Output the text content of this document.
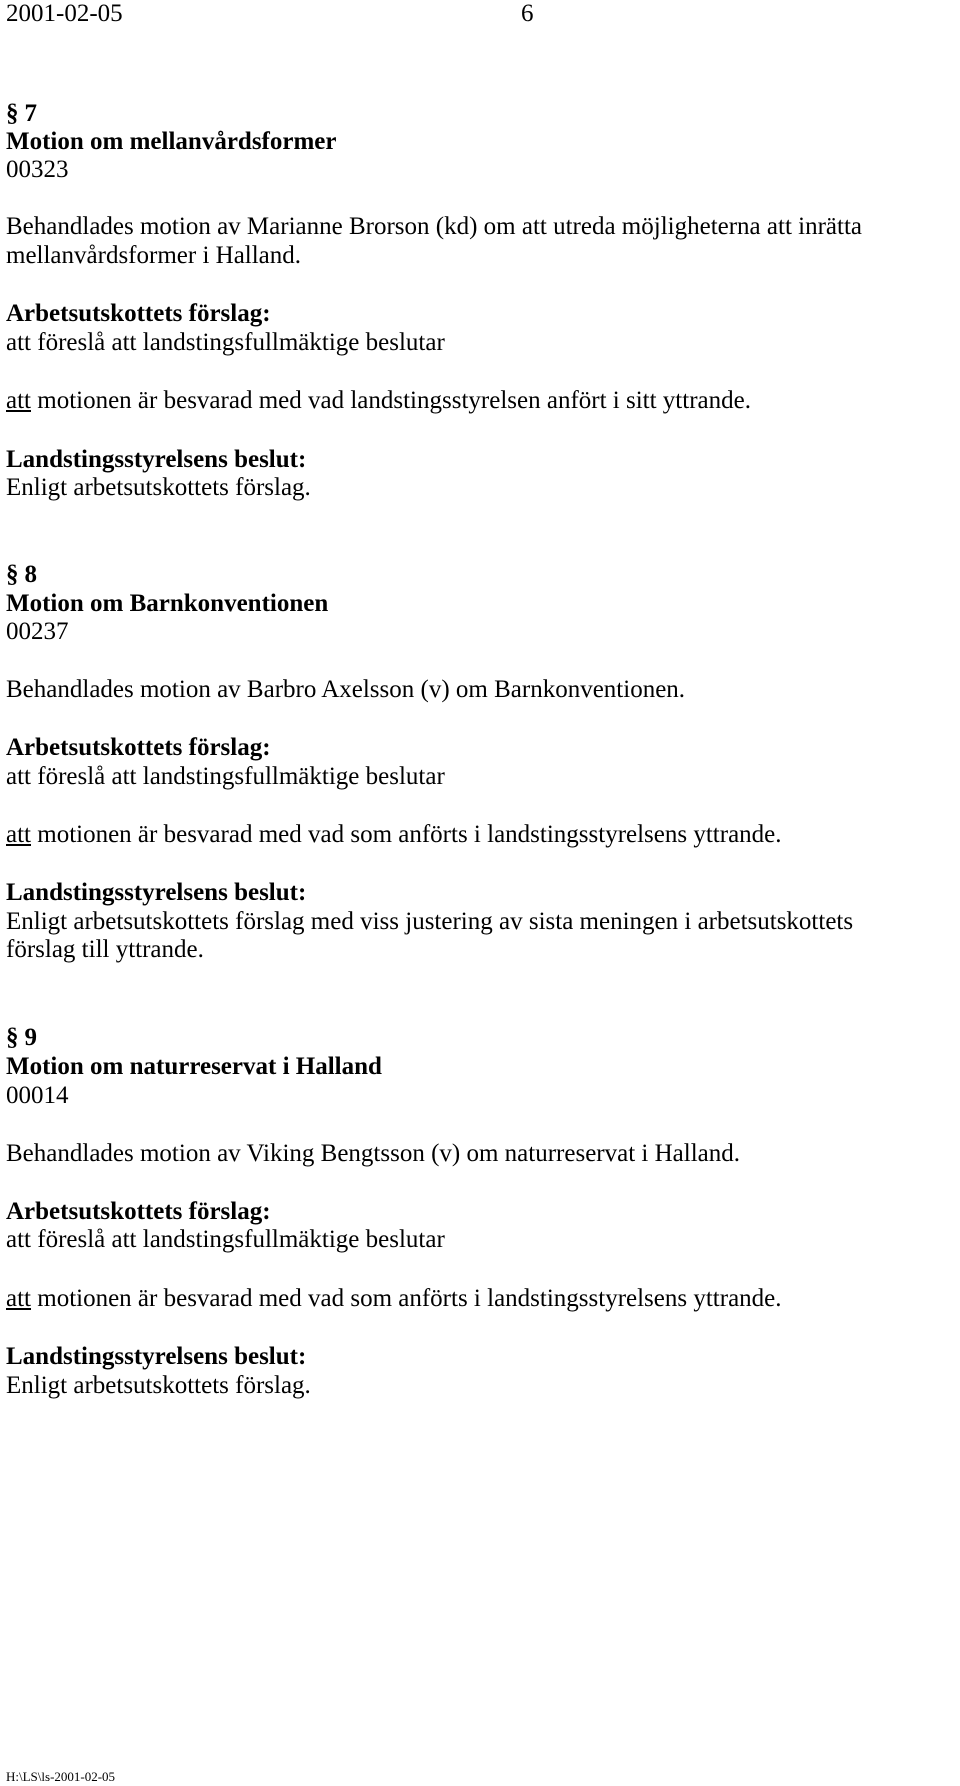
2001-02-05	6
§ 7
Motion om mellanvårdsformer
00323
Behandlades motion av Marianne Brorson (kd) om att utreda möjligheterna att inrätta
mellanvårdsformer i Halland.
Arbetsutskottets förslag:
att föreslå att landstingsfullmäktige beslutar
att motionen är besvarad med vad landstingsstyrelsen anfört i sitt yttrande.
Landstingsstyrelsens beslut:
Enligt arbetsutskottets förslag.
§ 8
Motion om Barnkonventionen
00237
Behandlades motion av Barbro Axelsson (v) om Barnkonventionen.
Arbetsutskottets förslag:
att föreslå att landstingsfullmäktige beslutar
att motionen är besvarad med vad som anförts i landstingsstyrelsens yttrande.
Landstingsstyrelsens beslut:
Enligt arbetsutskottets förslag med viss justering av sista meningen i arbetsutskottets
förslag till yttrande.
§ 9
Motion om naturreservat i Halland
00014
Behandlades motion av Viking Bengtsson (v) om naturreservat i Halland.
Arbetsutskottets förslag:
att föreslå att landstingsfullmäktige beslutar
att motionen är besvarad med vad som anförts i landstingsstyrelsens yttrande.
Landstingsstyrelsens beslut:
Enligt arbetsutskottets förslag.
H:\LS\ls-2001-02-05
